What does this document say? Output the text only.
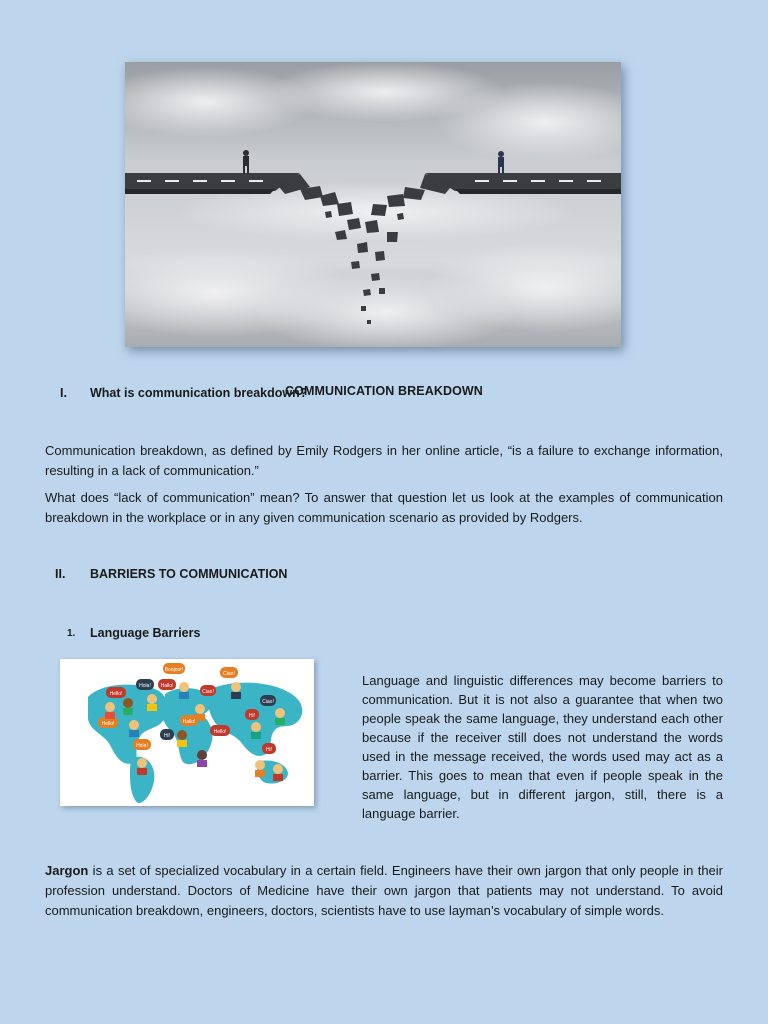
COMMUNICATION BREAKDOWN
I. What is communication breakdown?
Communication breakdown, as defined by Emily Rodgers in her online article, “is a failure to exchange information, resulting in a lack of communication.”
What does “lack of communication” mean? To answer that question let us look at the examples of communication breakdown in the workplace or in any given communication scenario as provided by Rodgers.
II. BARRIERS TO COMMUNICATION
1. Language Barriers
Hello!
Hola!
Bonjour!
Hallo!
Ciao!
Ciao!
Hi!
Hi!
Hola!
Hi!
Hello!
Hello!
Ciao!
Hallo!
Language and linguistic differences may become barriers to communication. But it is not also a guarantee that when two people speak the same language, they understand each other because if the receiver still does not understand the words used in the message received, the words used may act as a barrier. This goes to mean that even if people speak in the same language, but in different jargon, still, there is a language barrier.
Jargon is a set of specialized vocabulary in a certain field. Engineers have their own jargon that only people in their profession understand. Doctors of Medicine have their own jargon that patients may not understand. To avoid communication breakdown, engineers, doctors, scientists have to use layman’s vocabulary of simple words.
